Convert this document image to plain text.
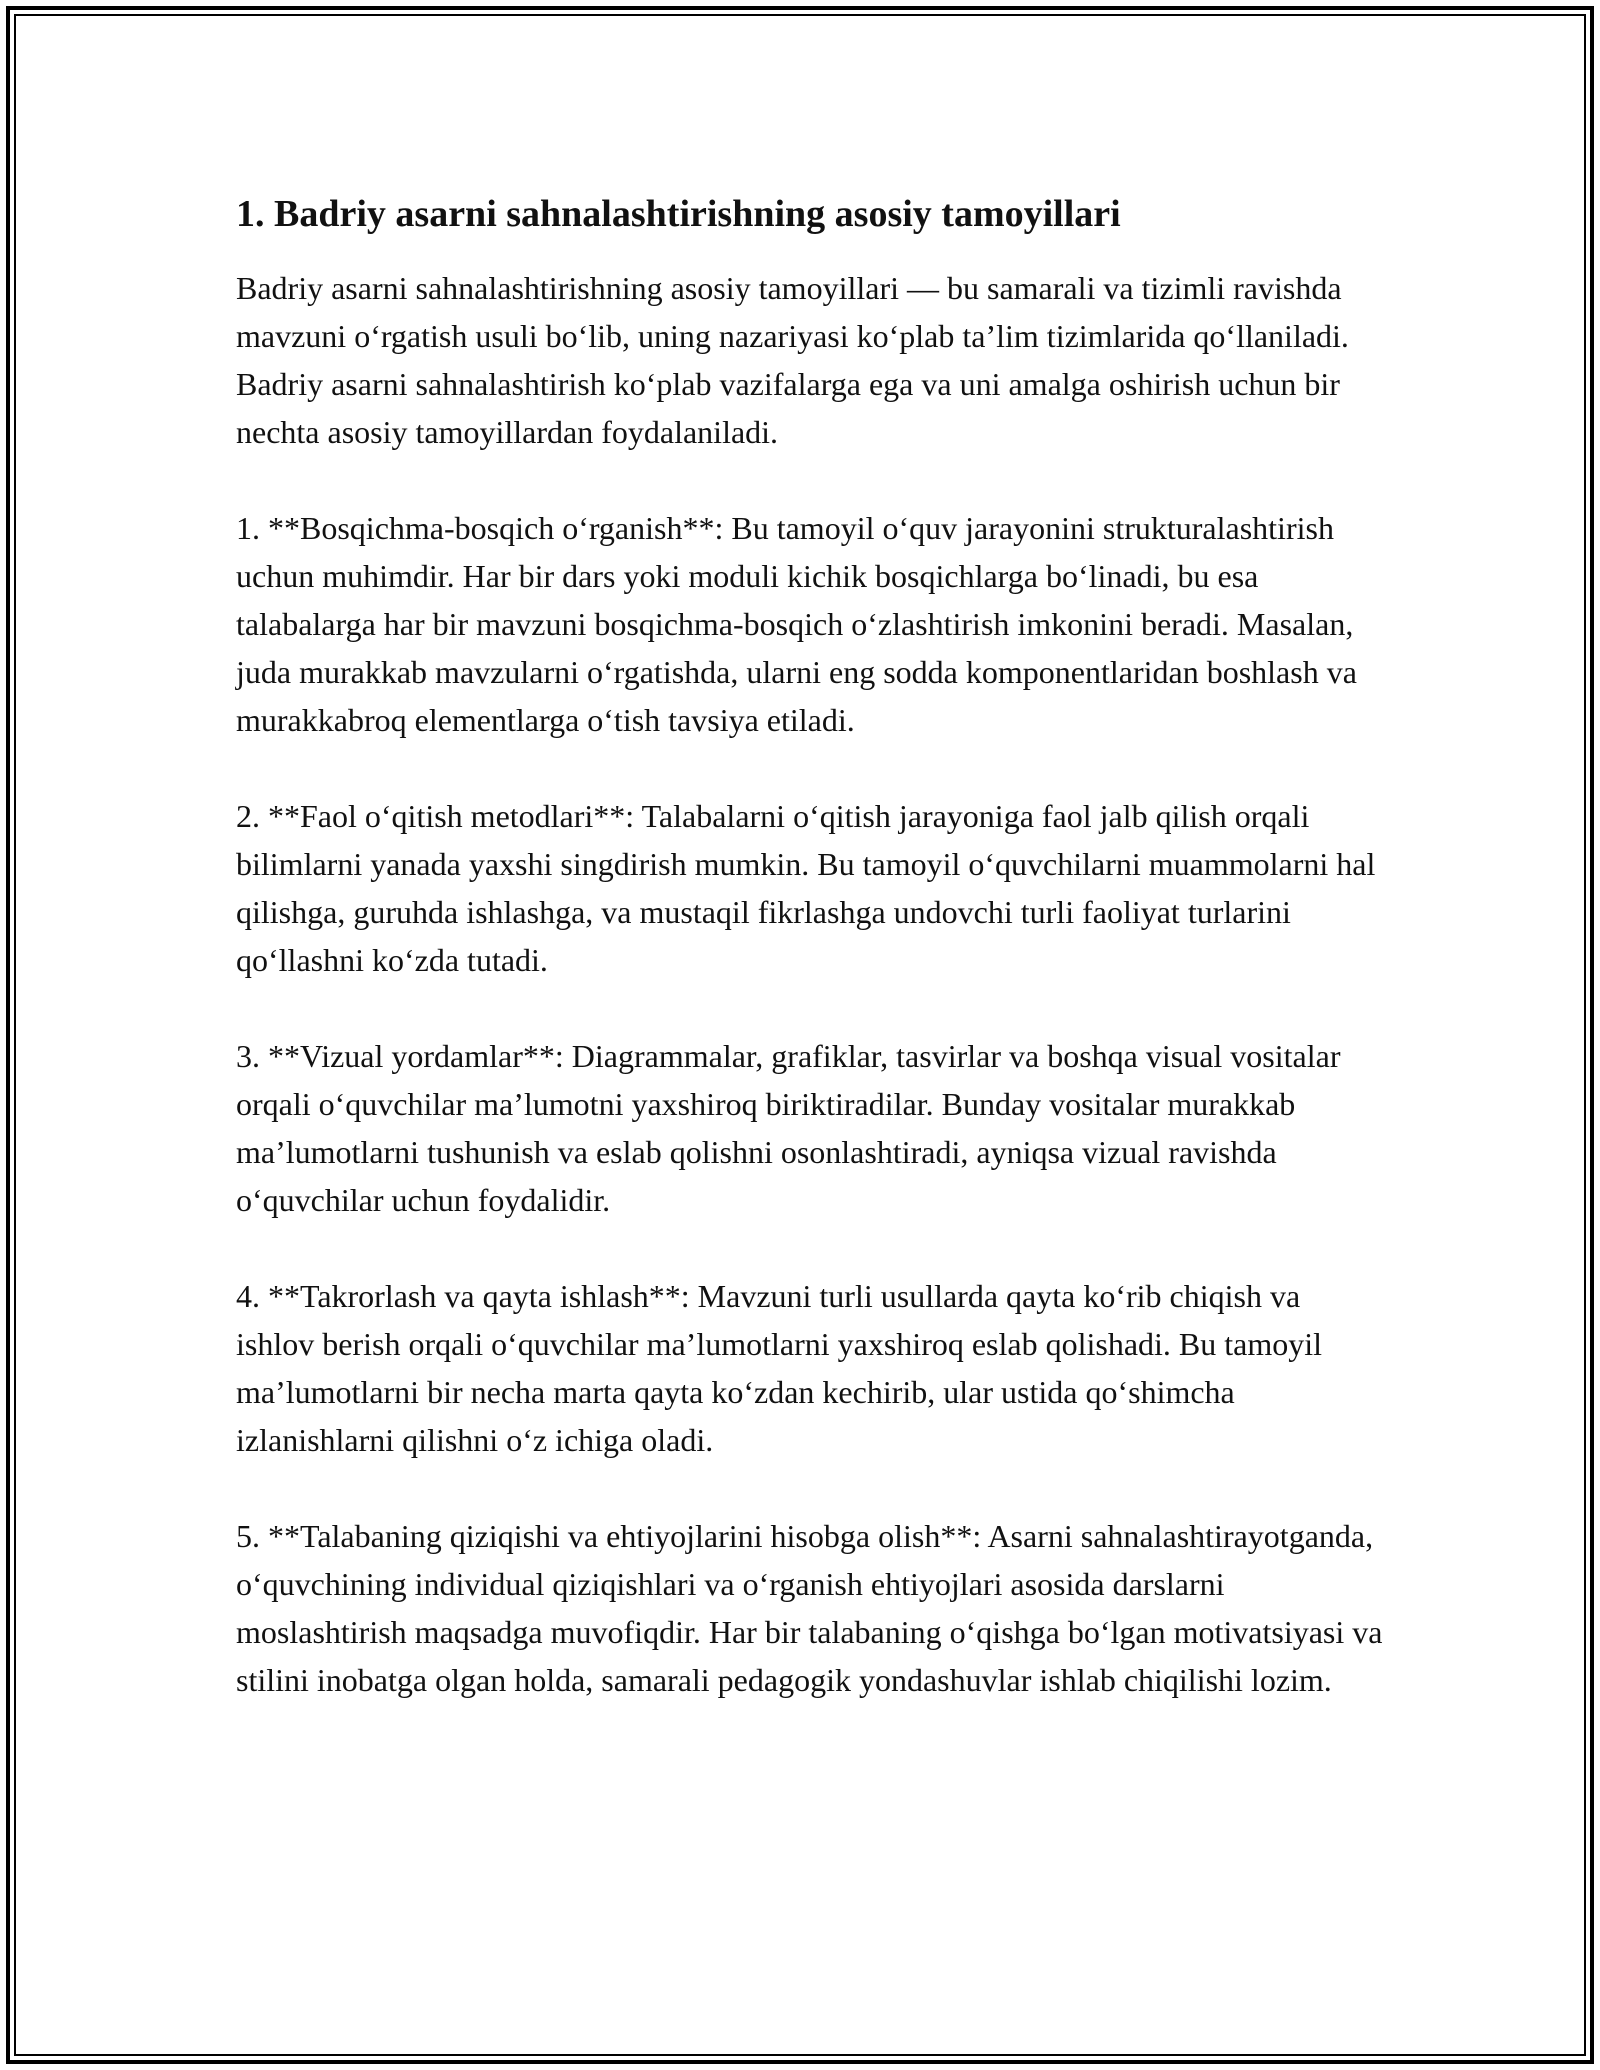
1. Badriy asarni sahnalashtirishning asosiy tamoyillari

Badriy asarni sahnalashtirishning asosiy tamoyillari — bu samarali va tizimli ravishda mavzuni o‘rgatish usuli bo‘lib, uning nazariyasi ko‘plab ta’lim tizimlarida qo‘llaniladi. Badriy asarni sahnalashtirish ko‘plab vazifalarga ega va uni amalga oshirish uchun bir nechta asosiy tamoyillardan foydalaniladi.

1. **Bosqichma-bosqich o‘rganish**: Bu tamoyil o‘quv jarayonini strukturalashtirish uchun muhimdir. Har bir dars yoki moduli kichik bosqichlarga bo‘linadi, bu esa talabalarga har bir mavzuni bosqichma-bosqich o‘zlashtirish imkonini beradi. Masalan, juda murakkab mavzularni o‘rgatishda, ularni eng sodda komponentlaridan boshlash va murakkabroq elementlarga o‘tish tavsiya etiladi.

2. **Faol o‘qitish metodlari**: Talabalarni o‘qitish jarayoniga faol jalb qilish orqali bilimlarni yanada yaxshi singdirish mumkin. Bu tamoyil o‘quvchilarni muammolarni hal qilishga, guruhda ishlashga, va mustaqil fikrlashga undovchi turli faoliyat turlarini qo‘llashni ko‘zda tutadi.

3. **Vizual yordamlar**: Diagrammalar, grafiklar, tasvirlar va boshqa visual vositalar orqali o‘quvchilar ma’lumotni yaxshiroq biriktiradilar. Bunday vositalar murakkab ma’lumotlarni tushunish va eslab qolishni osonlashtiradi, ayniqsa vizual ravishda o‘quvchilar uchun foydalidir.

4. **Takrorlash va qayta ishlash**: Mavzuni turli usullarda qayta ko‘rib chiqish va ishlov berish orqali o‘quvchilar ma’lumotlarni yaxshiroq eslab qolishadi. Bu tamoyil ma’lumotlarni bir necha marta qayta ko‘zdan kechirib, ular ustida qo‘shimcha izlanishlarni qilishni o‘z ichiga oladi.

5. **Talabaning qiziqishi va ehtiyojlarini hisobga olish**: Asarni sahnalashtirayotganda, o‘quvchining individual qiziqishlari va o‘rganish ehtiyojlari asosida darslarni moslashtirish maqsadga muvofiqdir. Har bir talabaning o‘qishga bo‘lgan motivatsiyasi va stilini inobatga olgan holda, samarali pedagogik yondashuvlar ishlab chiqilishi lozim.
